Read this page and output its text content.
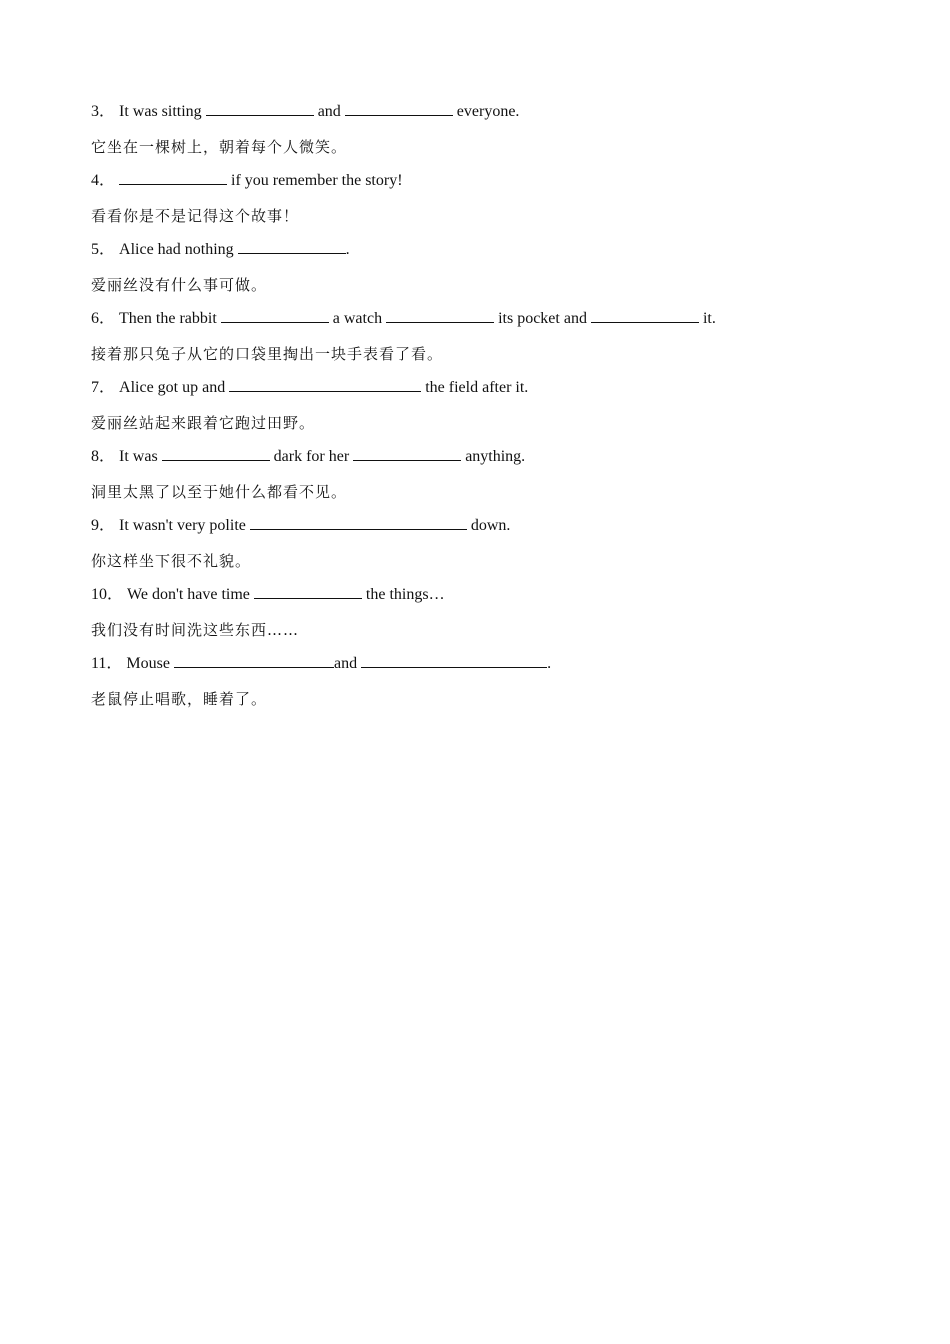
3． It was sitting	and	everyone.
它坐在一棵树上，朝着每个人微笑。
4．	if you remember the story!
看看你是不是记得这个故事！
5． Alice had nothing	.
爱丽丝没有什么事可做。
6． Then the rabbit	a watch	its pocket and	it.
接着那只兔子从它的口袋里掏出一块手表看了看。
7． Alice got up and	the field after it.
爱丽丝站起来跟着它跑过田野。
8． It was	dark for her	anything.
洞里太黑了以至于她什么都看不见。
9． It wasn't very polite	down.
你这样坐下很不礼貌。
10． We don't have time	the things…
我们没有时间洗这些东西……
11． Mouse	and	.
老鼠停止唱歌，睡着了。
